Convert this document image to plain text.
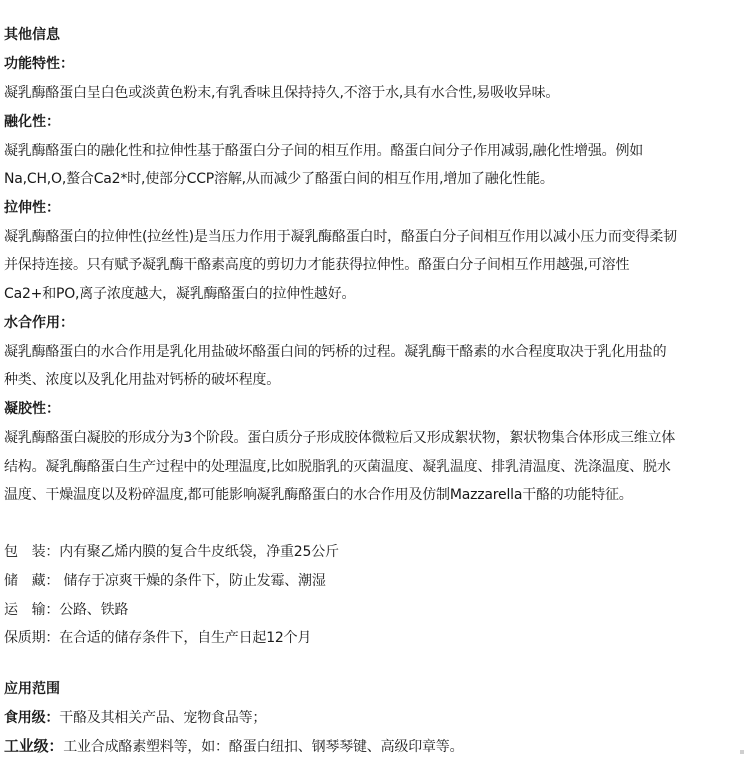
其他信息
功能特性：
凝乳酶酪蛋白呈白色或淡黄色粉末,有乳香味且保持持久,不溶于水,具有水合性,易吸收异味。
融化性：
凝乳酶酪蛋白的融化性和拉伸性基于酪蛋白分子间的相互作用。酪蛋白间分子作用减弱,融化性增强。例如
Na,CH,O,螯合Ca2*时,使部分CCP溶解,从而减少了酪蛋白间的相互作用,增加了融化性能。
拉伸性：
凝乳酶酪蛋白的拉伸性(拉丝性)是当压力作用于凝乳酶酪蛋白时，酪蛋白分子间相互作用以减小压力而变得柔韧
并保持连接。只有赋予凝乳酶干酪素高度的剪切力才能获得拉伸性。酪蛋白分子间相互作用越强,可溶性
Ca2+和PO,离子浓度越大，凝乳酶酪蛋白的拉伸性越好。
水合作用：
凝乳酶酪蛋白的水合作用是乳化用盐破坏酪蛋白间的钙桥的过程。凝乳酶干酪素的水合程度取决于乳化用盐的
种类、浓度以及乳化用盐对钙桥的破坏程度。
凝胶性：
凝乳酶酪蛋白凝胶的形成分为3个阶段。蛋白质分子形成胶体微粒后又形成絮状物，絮状物集合体形成三维立体
结构。凝乳酶酪蛋白生产过程中的处理温度,比如脱脂乳的灭菌温度、凝乳温度、排乳清温度、洗涤温度、脱水
温度、干燥温度以及粉碎温度,都可能影响凝乳酶酪蛋白的水合作用及仿制Mazzarella干酪的功能特征。
包　装：内有聚乙烯内膜的复合牛皮纸袋，净重25公斤
储　藏： 储存于凉爽干燥的条件下，防止发霉、潮湿
运　输：公路、铁路
保质期：在合适的储存条件下，自生产日起12个月
应用范围
食用级：干酪及其相关产品、宠物食品等；
工业级：工业合成酪素塑料等，如：酪蛋白纽扣、钢琴琴键、高级印章等。
